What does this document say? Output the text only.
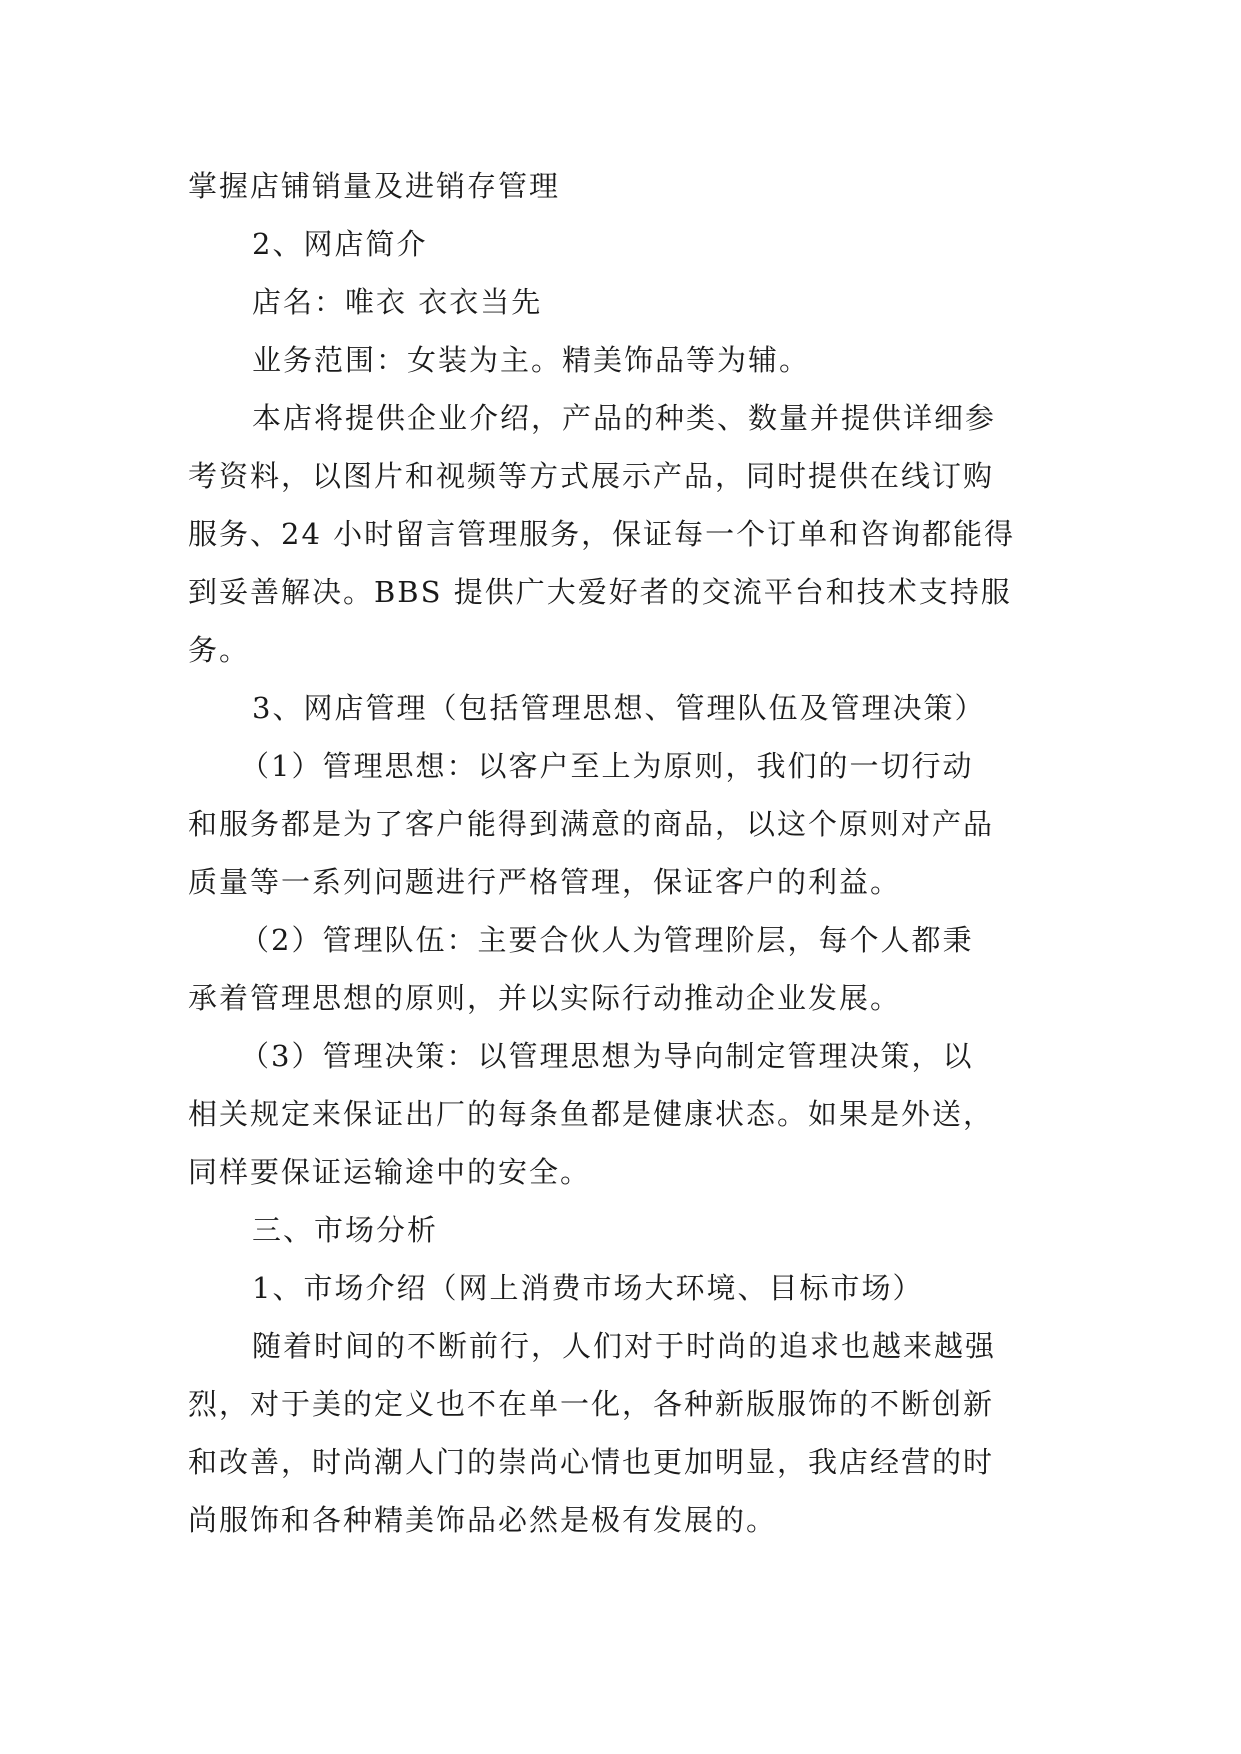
掌握店铺销量及进销存管理

2、网店简介

店名：唯衣 衣衣当先

业务范围：女装为主。精美饰品等为辅。

本店将提供企业介绍，产品的种类、数量并提供详细参

考资料，以图片和视频等方式展示产品，同时提供在线订购

服务、24 小时留言管理服务，保证每一个订单和咨询都能得

到妥善解决。BBS 提供广大爱好者的交流平台和技术支持服

务。

3、网店管理（包括管理思想、管理队伍及管理决策）

（1）管理思想：以客户至上为原则，我们的一切行动

和服务都是为了客户能得到满意的商品，以这个原则对产品

质量等一系列问题进行严格管理，保证客户的利益。

（2）管理队伍：主要合伙人为管理阶层，每个人都秉

承着管理思想的原则，并以实际行动推动企业发展。

（3）管理决策：以管理思想为导向制定管理决策，以

相关规定来保证出厂的每条鱼都是健康状态。如果是外送，

同样要保证运输途中的安全。

三、市场分析

1、市场介绍（网上消费市场大环境、目标市场）

随着时间的不断前行，人们对于时尚的追求也越来越强

烈，对于美的定义也不在单一化，各种新版服饰的不断创新

和改善，时尚潮人门的崇尚心情也更加明显，我店经营的时

尚服饰和各种精美饰品必然是极有发展的。
